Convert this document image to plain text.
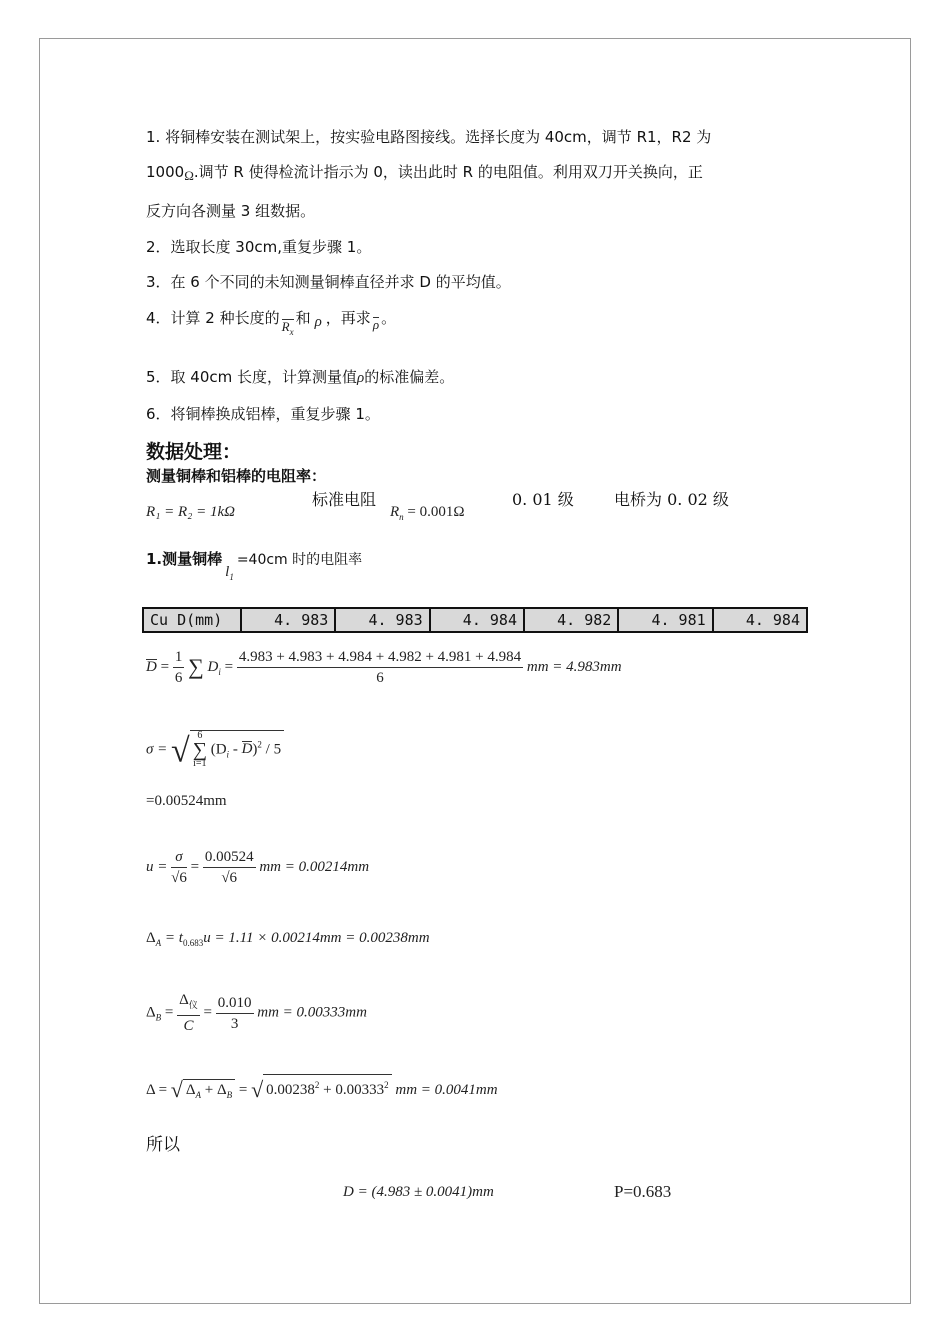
1. 将铜棒安装在测试架上，按实验电路图接线。选择长度为 40cm，调节 R1，R2 为
1000Ω.调节 R 使得检流计指示为 0，读出此时 R 的电阻值。利用双刀开关换向，正
反方向各测量 3 组数据。
2．选取长度 30cm,重复步骤 1。
3．在 6 个不同的未知测量铜棒直径并求 D 的平均值。
4．计算 2 种长度的 $R_x$和 ρ ，再求 ρ 。
5．取 40cm 长度，计算测量值ρ的标准偏差。
6．将铜棒换成铝棒，重复步骤 1。
数据处理：
测量铜棒和铝棒的电阻率：
R₁ = R₂ = 1kΩ
标准电阻
$R_n = 0.001\Omega$
0. 01 级	电桥为 0. 02 级
1.测量铜棒$l_1=40cm$ 时的电阻率
Cu D(mm)	4. 983	4. 983	4. 984	4. 982	4. 981	4. 984
$D = \frac{1}{6}$ ∑ $D_i = \frac{4.983 + 4.983 + 4.984 + 4.982 + 4.981 + 4.984}{6}$ mm = 4.983mm
σ = √ 6
∑
i=1
$(D_i - D)^2 / 5$
=0.00524mm
$u = \frac{\sigma}{√6} = \frac{0.00524}{√6}$ mm = 0.00214mm
$\Delta_A = t_{0.683}u = 1.11 \times 0.00214mm = 0.00238mm$
$\Delta_B = \frac{\Delta_仪}{C} = \frac{0.010}{3}$ mm = 0.00333mm
Δ = √ $\Delta_A + \Delta_B$ = √ $0.00238^2 + 0.00333^2$ mm = 0.0041mm
所以
D = (4.983 ± 0.0041)mm	P=0.683
